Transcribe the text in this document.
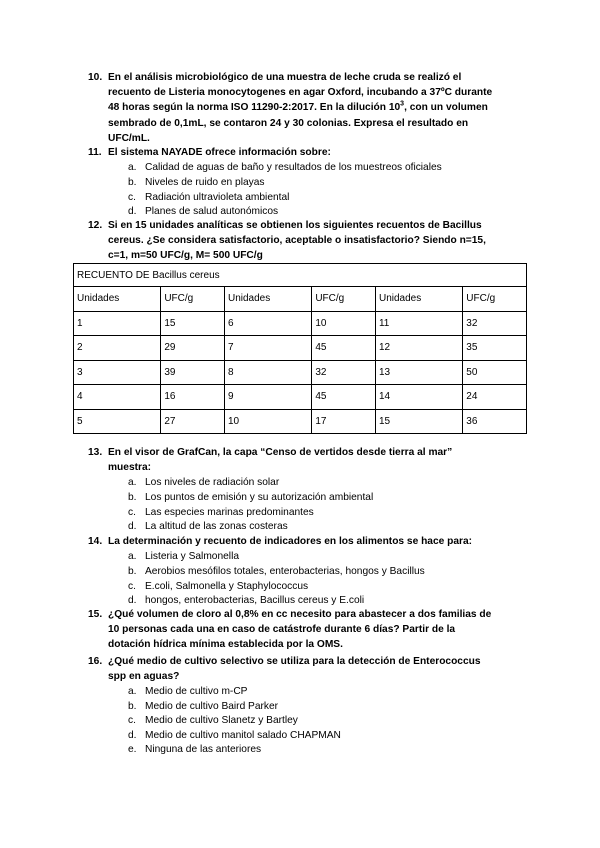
10. En el análisis microbiológico de una muestra de leche cruda se realizó el
recuento de Listeria monocytogenes en agar Oxford, incubando a 37ºC durante
48 horas según la norma ISO 11290-2:2017. En la dilución $10^3$, con un volumen
sembrado de 0,1mL, se contaron 24 y 30 colonias. Expresa el resultado en
UFC/mL.
11. El sistema NAYADE ofrece información sobre:
a. Calidad de aguas de baño y resultados de los muestreos oficiales
b. Niveles de ruido en playas
c. Radiación ultravioleta ambiental
d. Planes de salud autonómicos
12. Si en 15 unidades analíticas se obtienen los siguientes recuentos de Bacillus
cereus. ¿Se considera satisfactorio, aceptable o insatisfactorio? Siendo n=15,
c=1, m=50 UFC/g, M= 500 UFC/g
RECUENTO DE Bacillus cereus					
Unidades	UFC/g	Unidades	UFC/g	Unidades	UFC/g
1	15	6	10	11	32
2	29	7	45	12	35
3	39	8	32	13	50
4	16	9	45	14	24
5	27	10	17	15	36
13. En el visor de GrafCan, la capa “Censo de vertidos desde tierra al mar”
muestra:
a. Los niveles de radiación solar
b. Los puntos de emisión y su autorización ambiental
c. Las especies marinas predominantes
d. La altitud de las zonas costeras
14. La determinación y recuento de indicadores en los alimentos se hace para:
a. Listeria y Salmonella
b. Aerobios mesófilos totales, enterobacterias, hongos y Bacillus
c. E.coli, Salmonella y Staphylococcus
d. hongos, enterobacterias, Bacillus cereus y E.coli
15. ¿Qué volumen de cloro al 0,8% en cc necesito para abastecer a dos familias de
10 personas cada una en caso de catástrofe durante 6 días? Partir de la
dotación hídrica mínima establecida por la OMS.
16. ¿Qué medio de cultivo selectivo se utiliza para la detección de Enterococcus
spp en aguas?
a. Medio de cultivo m-CP
b. Medio de cultivo Baird Parker
c. Medio de cultivo Slanetz y Bartley
d. Medio de cultivo manitol salado CHAPMAN
e. Ninguna de las anteriores
